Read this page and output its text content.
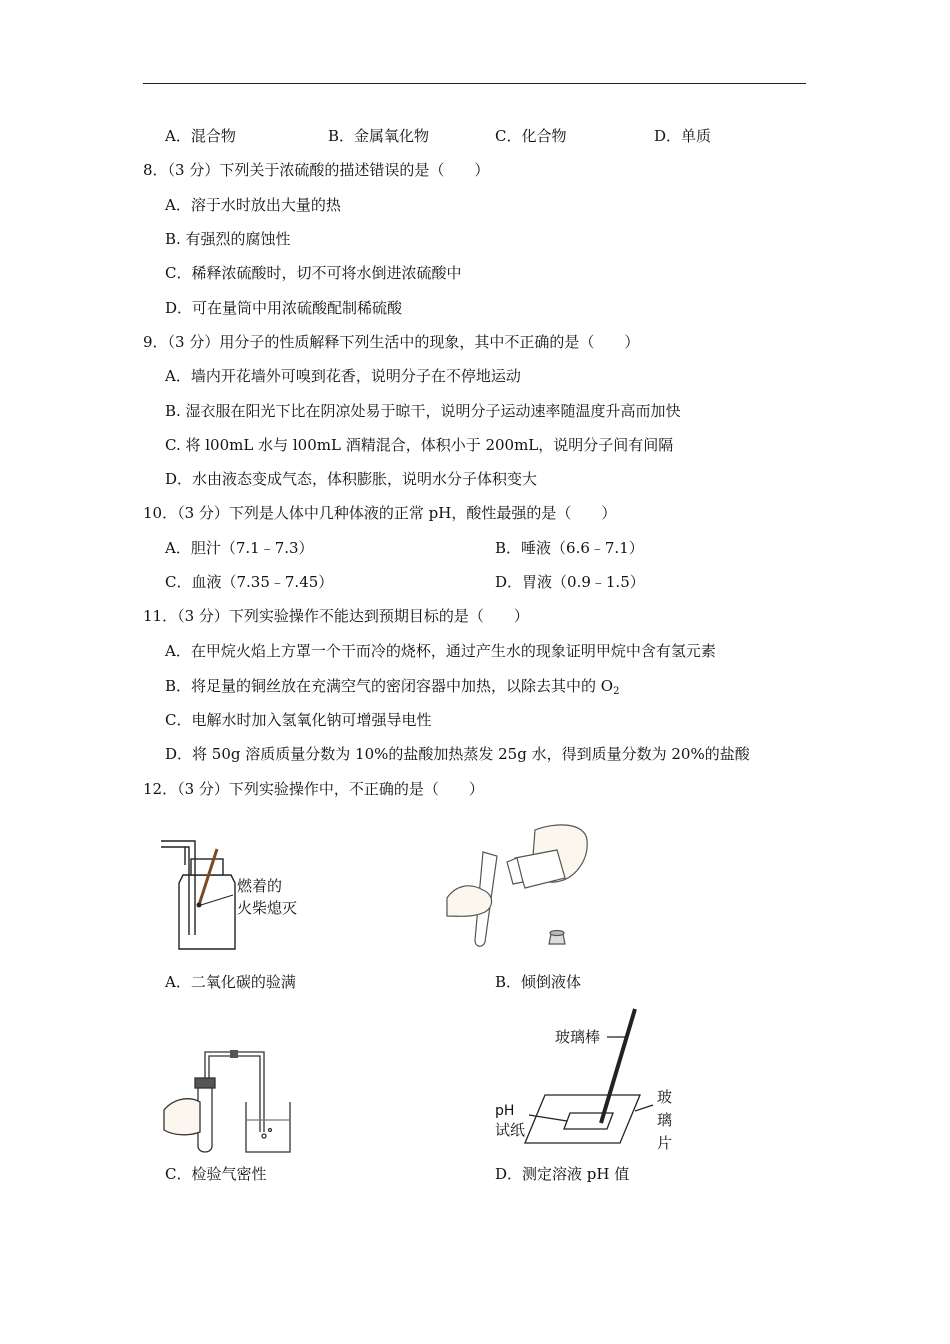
A．混合物	B．金属氧化物	C．化合物	D．单质
8．（3 分）下列关于浓硫酸的描述错误的是（　　）
A．溶于水时放出大量的热
B. 有强烈的腐蚀性
C．稀释浓硫酸时，切不可将水倒进浓硫酸中
D．可在量筒中用浓硫酸配制稀硫酸
9．（3 分）用分子的性质解释下列生活中的现象，其中不正确的是（　　）
A．墙内开花墙外可嗅到花香，说明分子在不停地运动
B. 湿衣服在阳光下比在阴凉处易于晾干，说明分子运动速率随温度升高而加快
C. 将 l00mL 水与 l00mL 酒精混合，体积小于 200mL，说明分子间有间隔
D．水由液态变成气态，体积膨胀，说明水分子体积变大
10．（3 分）下列是人体中几种体液的正常 pH，酸性最强的是（　　）
A．胆汁（7.1﹣7.3）	B．唾液（6.6﹣7.1）
C．血液（7.35﹣7.45）	D．胃液（0.9﹣1.5）
11．（3 分）下列实验操作不能达到预期目标的是（　　）
A．在甲烷火焰上方罩一个干而冷的烧杯，通过产生水的现象证明甲烷中含有氢元素
B．将足量的铜丝放在充满空气的密闭容器中加热，以除去其中的 $O_2$
C．电解水时加入氢氧化钠可增强导电性
D．将 50g 溶质质量分数为 10%的盐酸加热蒸发 25g 水，得到质量分数为 20%的盐酸
12．（3 分）下列实验操作中，不正确的是（　　）
燃着的
火柴熄灭
A．二氧化碳的验满	B．倾倒液体
C．检验气密性
玻璃棒
pH
试纸
玻
璃
片
D．测定溶液 pH 值
